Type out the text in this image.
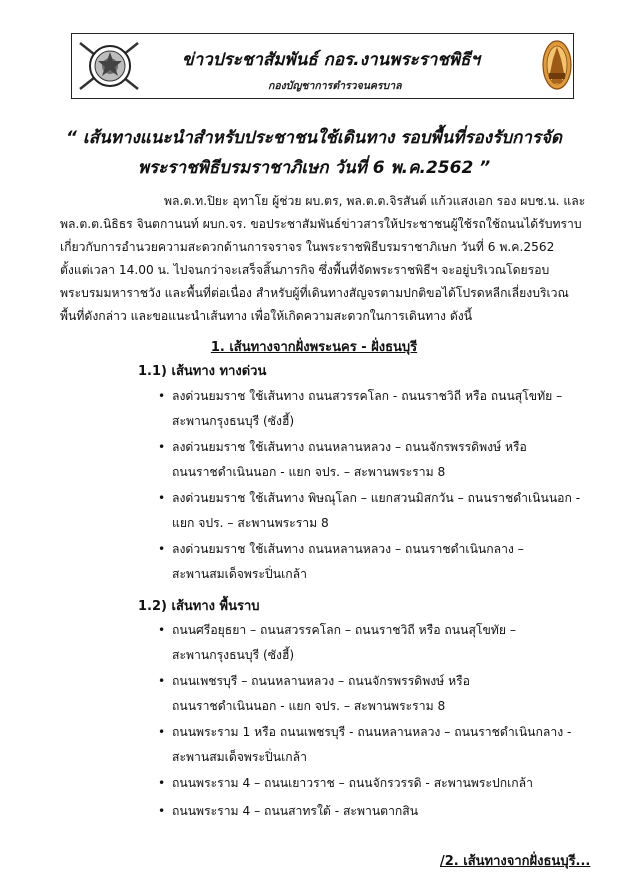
ข่าวประชาสัมพันธ์ กอร.งานพระราชพิธีฯ
กองบัญชาการตำรวจนครบาล
“ เส้นทางแนะนำสำหรับประชาชนใช้เดินทาง รอบพื้นที่รองรับการจัด
พระราชพิธีบรมราชาภิเษก วันที่ 6 พ.ค.2562 ”
พล.ต.ท.ปิยะ อุทาโย ผู้ช่วย ผบ.ตร, พล.ต.ต.จิรสันต์ แก้วแสงเอก รอง ผบช.น. และ
พล.ต.ต.นิธิธร จินตกานนท์ ผบก.จร. ขอประชาสัมพันธ์ข่าวสารให้ประชาชนผู้ใช้รถใช้ถนนได้รับทราบ
เกี่ยวกับการอำนวยความสะดวกด้านการจราจร ในพระราชพิธีบรมราชาภิเษก วันที่ 6 พ.ค.2562
ตั้งแต่เวลา 14.00 น. ไปจนกว่าจะเสร็จสิ้นภารกิจ ซึ่งพื้นที่จัดพระราชพิธีฯ จะอยู่บริเวณโดยรอบ
พระบรมมหาราชวัง และพื้นที่ต่อเนื่อง สำหรับผู้ที่เดินทางสัญจรตามปกติขอได้โปรดหลีกเลี่ยงบริเวณ
พื้นที่ดังกล่าว และขอแนะนำเส้นทาง เพื่อให้เกิดความสะดวกในการเดินทาง ดังนี้
1. เส้นทางจากฝั่งพระนคร - ฝั่งธนบุรี
1.1) เส้นทาง ทางด่วน
• ลงด่วนยมราช ใช้เส้นทาง ถนนสวรรคโลก - ถนนราชวิถี หรือ ถนนสุโขทัย –
สะพานกรุงธนบุรี (ซังฮี้)
• ลงด่วนยมราช ใช้เส้นทาง ถนนหลานหลวง – ถนนจักรพรรดิพงษ์ หรือ
ถนนราชดำเนินนอก - แยก จปร. – สะพานพระราม 8
• ลงด่วนยมราช ใช้เส้นทาง พิษณุโลก – แยกสวนมิสกวัน – ถนนราชดำเนินนอก -
แยก จปร. – สะพานพระราม 8
• ลงด่วนยมราช ใช้เส้นทาง ถนนหลานหลวง – ถนนราชดำเนินกลาง –
สะพานสมเด็จพระปิ่นเกล้า
1.2) เส้นทาง พื้นราบ
• ถนนศรีอยุธยา – ถนนสวรรคโลก – ถนนราชวิถี หรือ ถนนสุโขทัย –
สะพานกรุงธนบุรี (ซังฮี้)
• ถนนเพชรบุรี – ถนนหลานหลวง – ถนนจักรพรรดิพงษ์ หรือ
ถนนราชดำเนินนอก - แยก จปร. – สะพานพระราม 8
• ถนนพระราม 1 หรือ ถนนเพชรบุรี - ถนนหลานหลวง – ถนนราชดำเนินกลาง -
สะพานสมเด็จพระปิ่นเกล้า
• ถนนพระราม 4 – ถนนเยาวราช – ถนนจักรวรรดิ - สะพานพระปกเกล้า
• ถนนพระราม 4 – ถนนสาทรใต้ - สะพานตากสิน
/2. เส้นทางจากฝั่งธนบุรี...
